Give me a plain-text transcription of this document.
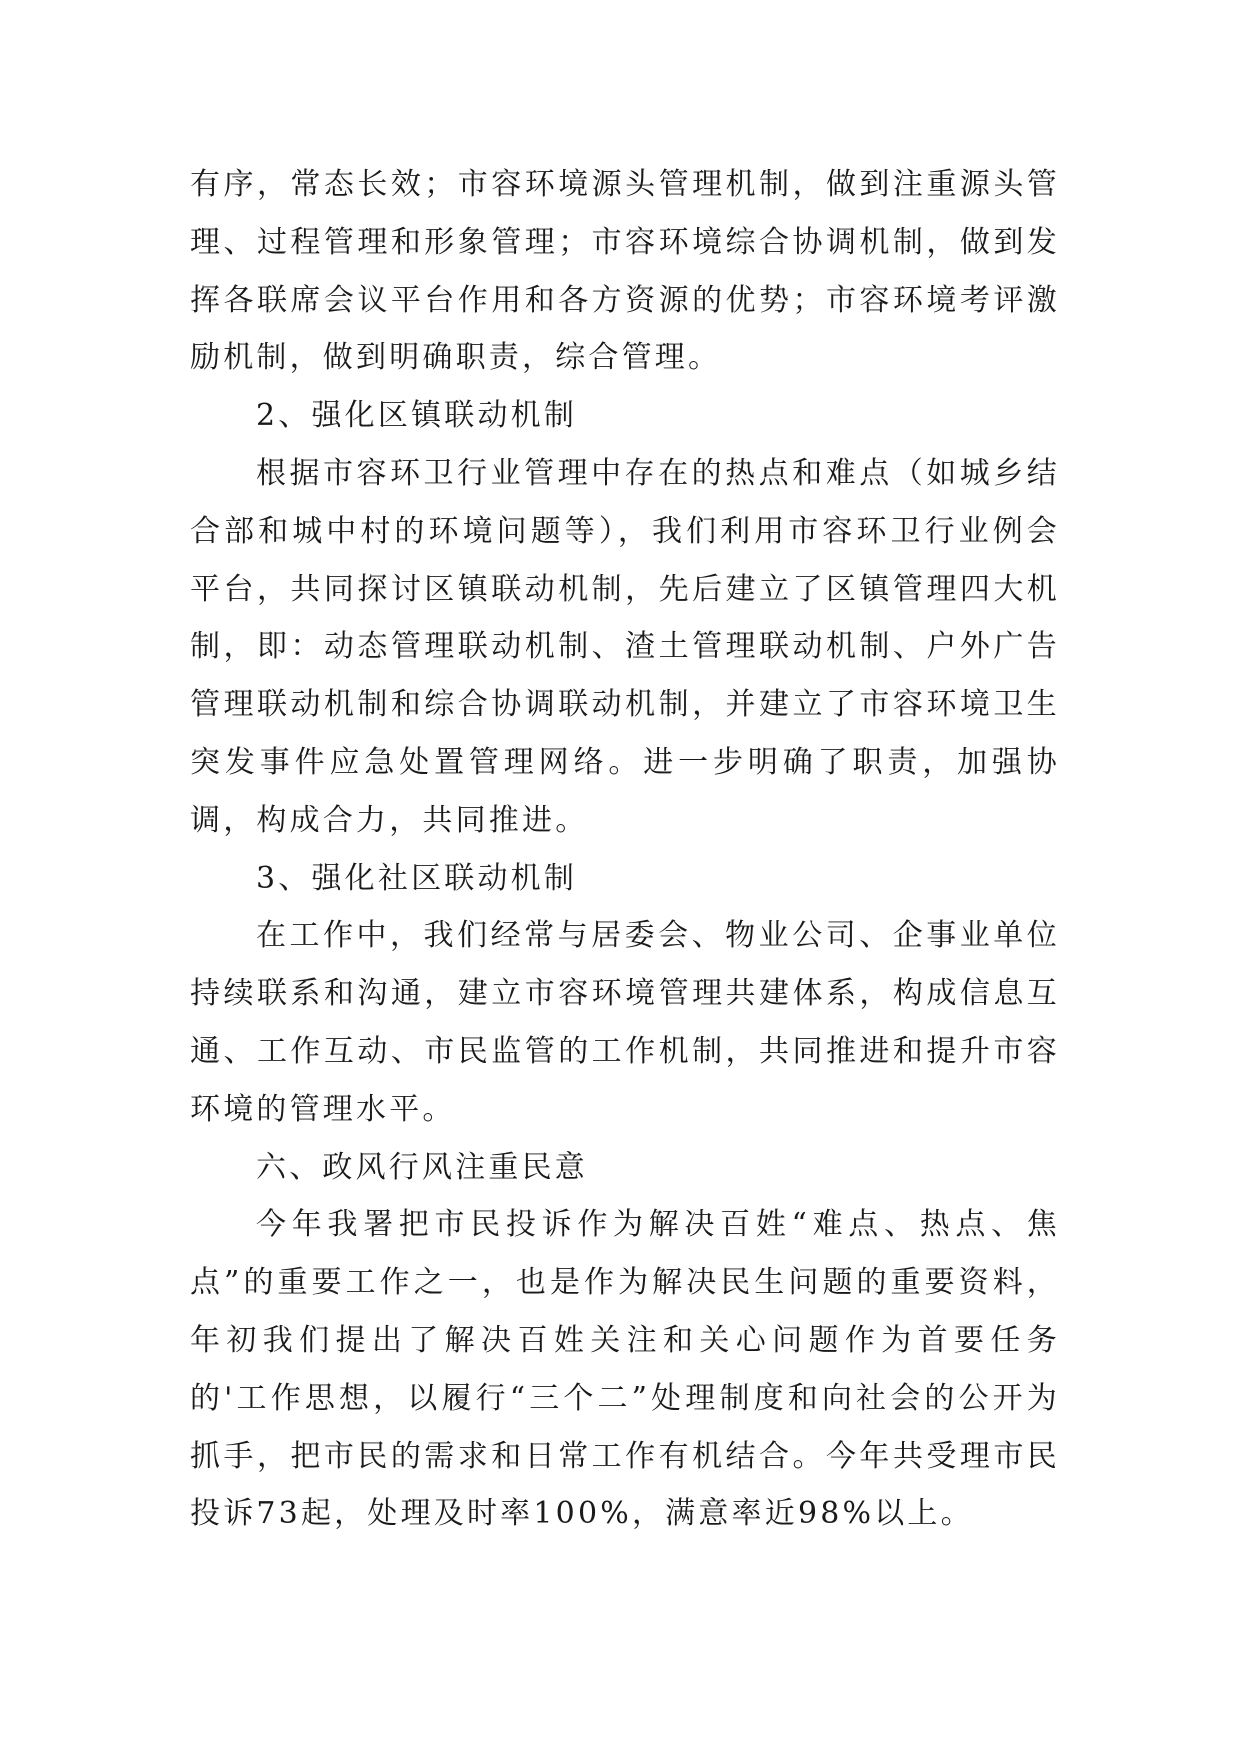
有序，常态长效；市容环境源头管理机制，做到注重源头管理、过程管理和形象管理；市容环境综合协调机制，做到发挥各联席会议平台作用和各方资源的优势；市容环境考评激励机制，做到明确职责，综合管理。

2、强化区镇联动机制

根据市容环卫行业管理中存在的热点和难点（如城乡结合部和城中村的环境问题等），我们利用市容环卫行业例会平台，共同探讨区镇联动机制，先后建立了区镇管理四大机制，即：动态管理联动机制、渣土管理联动机制、户外广告管理联动机制和综合协调联动机制，并建立了市容环境卫生突发事件应急处置管理网络。进一步明确了职责，加强协调，构成合力，共同推进。

3、强化社区联动机制

在工作中，我们经常与居委会、物业公司、企事业单位持续联系和沟通，建立市容环境管理共建体系，构成信息互通、工作互动、市民监管的工作机制，共同推进和提升市容环境的管理水平。

六、政风行风注重民意

今年我署把市民投诉作为解决百姓“难点、热点、焦点”的重要工作之一，也是作为解决民生问题的重要资料，年初我们提出了解决百姓关注和关心问题作为首要任务的'工作思想，以履行“三个二”处理制度和向社会的公开为抓手，把市民的需求和日常工作有机结合。今年共受理市民投诉73起，处理及时率100%，满意率近98%以上。
